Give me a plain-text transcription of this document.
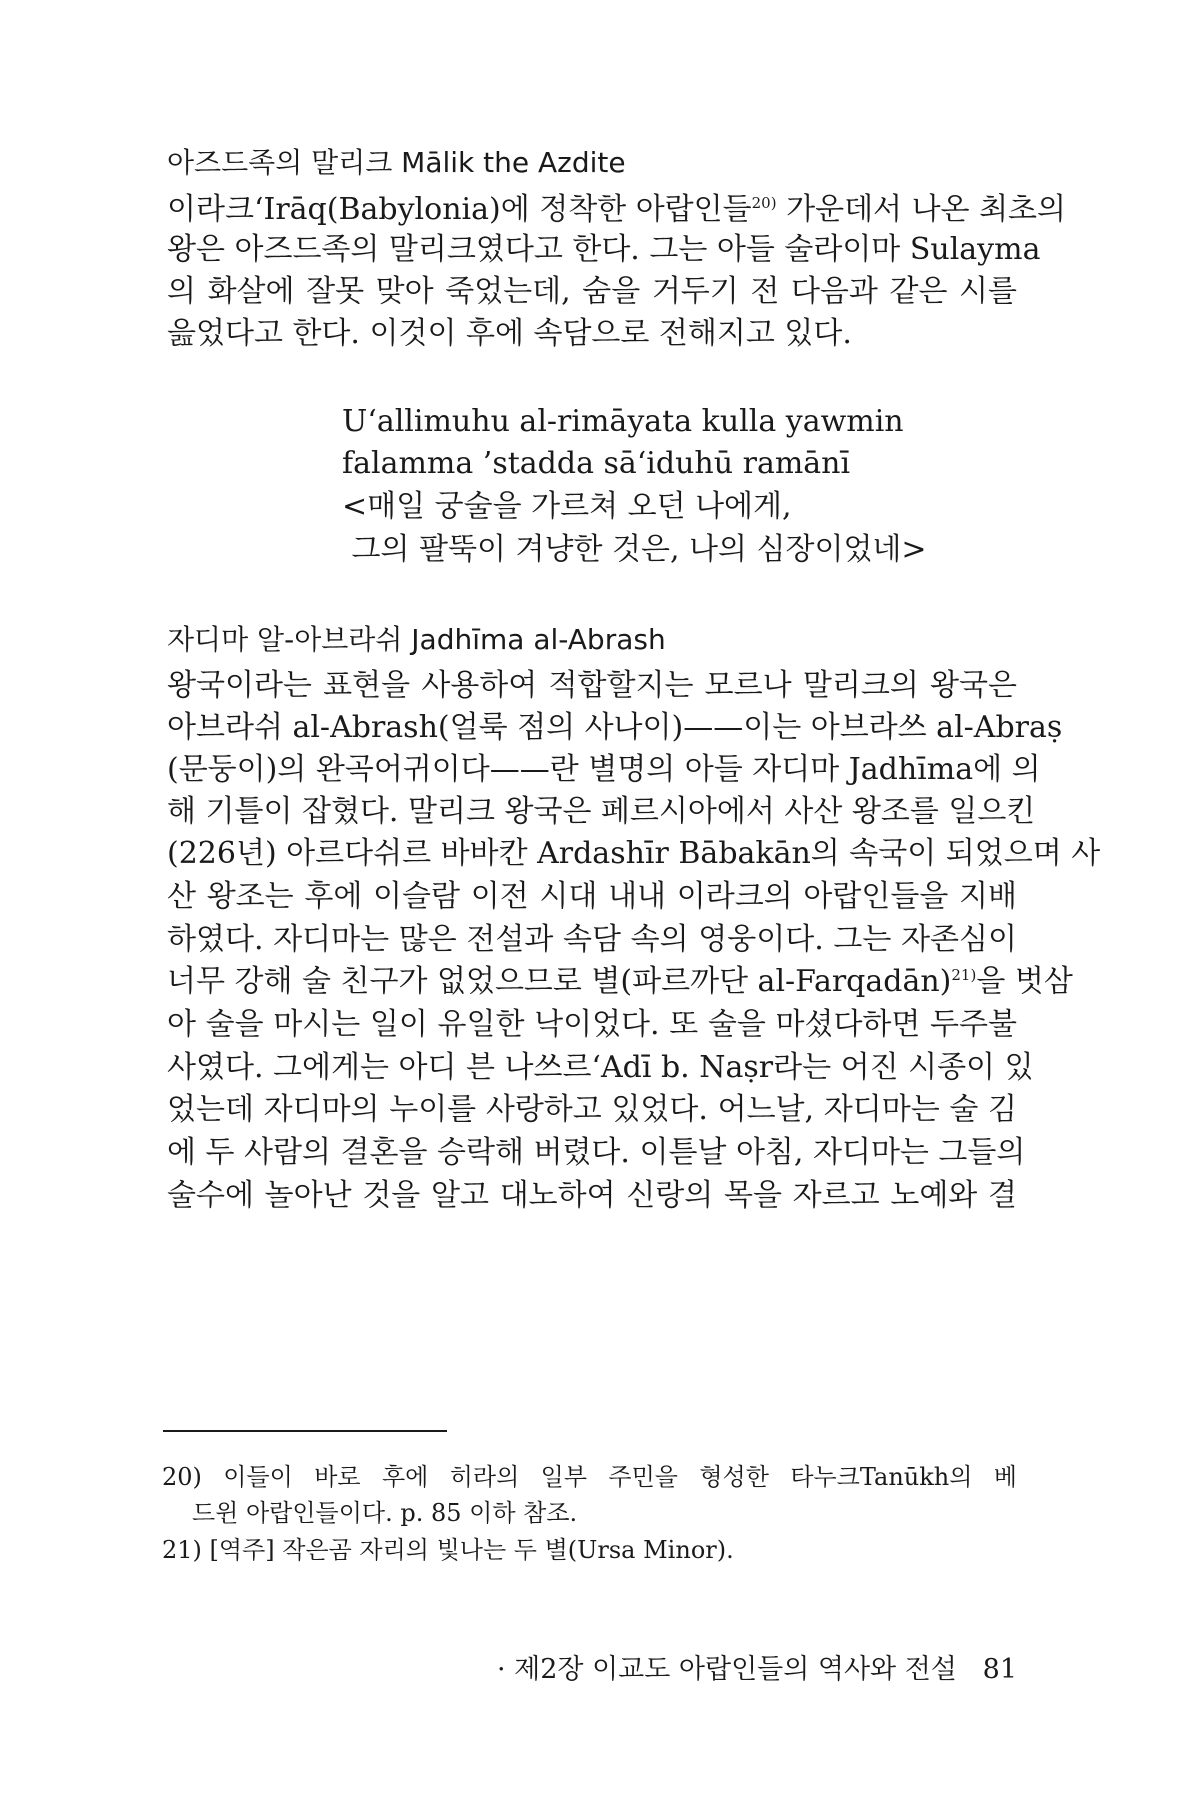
아즈드족의 말리크 Mālik the Azdite
이라크‘Irāq(Babylonia)에 정착한 아랍인들$^{20)}$ 가운데서 나온 최초의
왕은 아즈드족의 말리크였다고 한다. 그는 아들 술라이마 Sulayma
의 화살에 잘못 맞아 죽었는데, 숨을 거두기 전 다음과 같은 시를
읊었다고 한다. 이것이 후에 속담으로 전해지고 있다.
U‘allimuhu al-rimāyata kulla yawmin
falamma ’stadda sā‘iduhū ramānī
<매일 궁술을 가르쳐 오던 나에게,
그의 팔뚝이 겨냥한 것은, 나의 심장이었네>
자디마 알-아브라쉬 Jadhīma al-Abrash
왕국이라는 표현을 사용하여 적합할지는 모르나 말리크의 왕국은
아브라쉬 al-Abrash(얼룩 점의 사나이)——이는 아브라쓰 al-Abraṣ
(문둥이)의 완곡어귀이다——란 별명의 아들 자디마 Jadhīma에 의
해 기틀이 잡혔다. 말리크 왕국은 페르시아에서 사산 왕조를 일으킨
(226년) 아르다쉬르 바바칸 Ardashīr Bābakān의 속국이 되었으며 사
산 왕조는 후에 이슬람 이전 시대 내내 이라크의 아랍인들을 지배
하였다. 자디마는 많은 전설과 속담 속의 영웅이다. 그는 자존심이
너무 강해 술 친구가 없었으므로 별(파르까단 al-Farqadān)$^{21)}$을 벗삼
아 술을 마시는 일이 유일한 낙이었다. 또 술을 마셨다하면 두주불
사였다. 그에게는 아디 븐 나쓰르‘Adī b. Naṣr라는 어진 시종이 있
었는데 자디마의 누이를 사랑하고 있었다. 어느날, 자디마는 술 김
에 두 사람의 결혼을 승락해 버렸다. 이튿날 아침, 자디마는 그들의
술수에 놀아난 것을 알고 대노하여 신랑의 목을 자르고 노예와 결
20) 이들이 바로 후에 히라의 일부 주민을 형성한 타누크Tanūkh의 베
드윈 아랍인들이다. p. 85 이하 참조.
21) [역주] 작은곰 자리의 빛나는 두 별(Ursa Minor).
· 제2장 이교도 아랍인들의 역사와 전설 81
